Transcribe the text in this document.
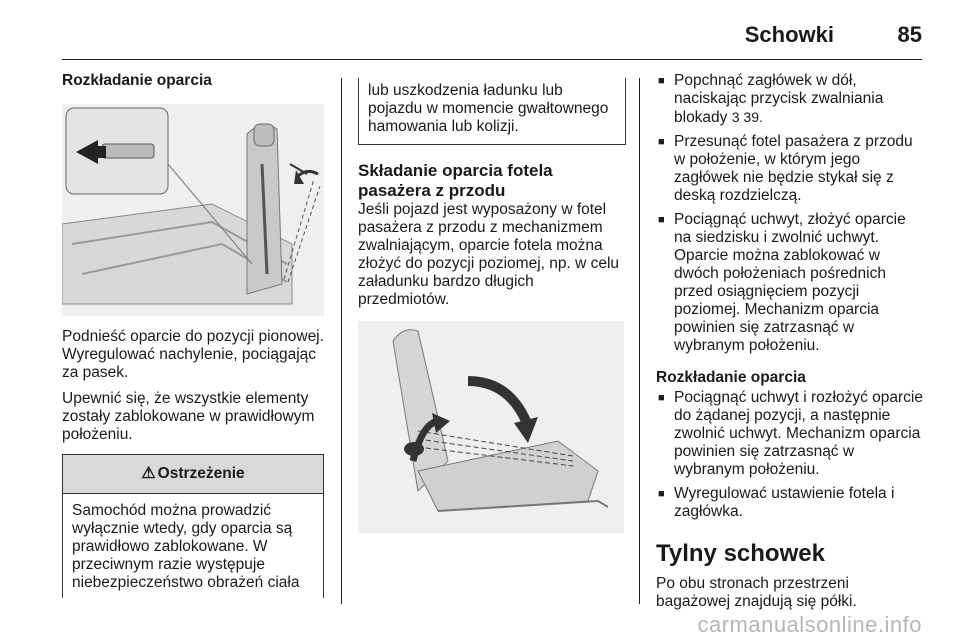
Schowki	85

Rozkładanie oparcia

Podnieść oparcie do pozycji pionowej. Wyregulować nachylenie, pociągając za pasek.

Upewnić się, że wszystkie elementy zostały zablokowane w prawidłowym położeniu.

⚠ Ostrzeżenie
Samochód można prowadzić wyłącznie wtedy, gdy oparcia są prawidłowo zablokowane. W przeciwnym razie występuje niebezpieczeństwo obrażeń ciała
lub uszkodzenia ładunku lub pojazdu w momencie gwałtownego hamowania lub kolizji.
Składanie oparcia fotela pasażera z przodu

Jeśli pojazd jest wyposażony w fotel pasażera z przodu z mechanizmem zwalniającym, oparcie fotela można złożyć do pozycji poziomej, np. w celu załadunku bardzo długich przedmiotów.

■ Popchnąć zagłówek w dół, naciskając przycisk zwalniania blokady 3 39.
■ Przesunąć fotel pasażera z przodu w położenie, w którym jego zagłówek nie będzie stykał się z deską rozdzielczą.
■ Pociągnąć uchwyt, złożyć oparcie na siedzisku i zwolnić uchwyt. Oparcie można zablokować w dwóch położeniach pośrednich przed osiągnięciem pozycji poziomej. Mechanizm oparcia powinien się zatrzasnąć w wybranym położeniu.

Rozkładanie oparcia

■ Pociągnąć uchwyt i rozłożyć oparcie do żądanej pozycji, a następnie zwolnić uchwyt. Mechanizm oparcia powinien się zatrzasnąć w wybranym położeniu.
■ Wyregulować ustawienie fotela i zagłówka.
Tylny schowek

Po obu stronach przestrzeni bagażowej znajdują się półki.

carmanualsonline.info
